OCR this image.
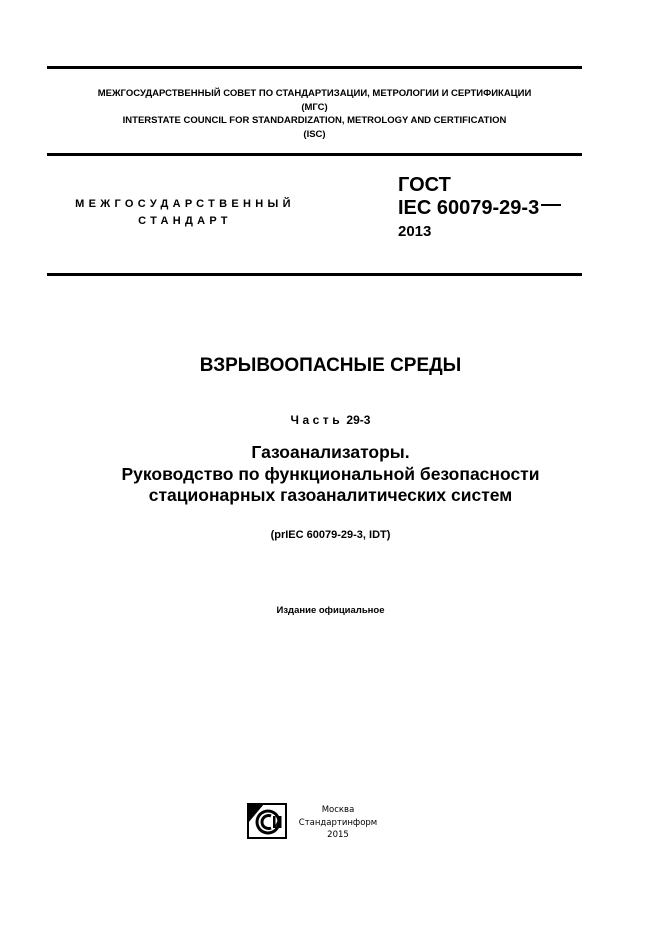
МЕЖГОСУДАРСТВЕННЫЙ СОВЕТ ПО СТАНДАРТИЗАЦИИ, МЕТРОЛОГИИ И СЕРТИФИКАЦИИ
(МГС)
INTERSTATE COUNCIL FOR STANDARDIZATION, METROLOGY AND CERTIFICATION
(ISC)
МЕЖГОСУДАРСТВЕННЫЙ
СТАНДАРТ
ГОСТ
IEC 60079-29-3
2013
ВЗРЫВООПАСНЫЕ СРЕДЫ
Часть 29-3
Газоанализаторы.
Руководство по функциональной безопасности
стационарных газоаналитических систем
(prIEC 60079-29-3, IDT)
Издание официальное
Москва
Стандартинформ
2015
